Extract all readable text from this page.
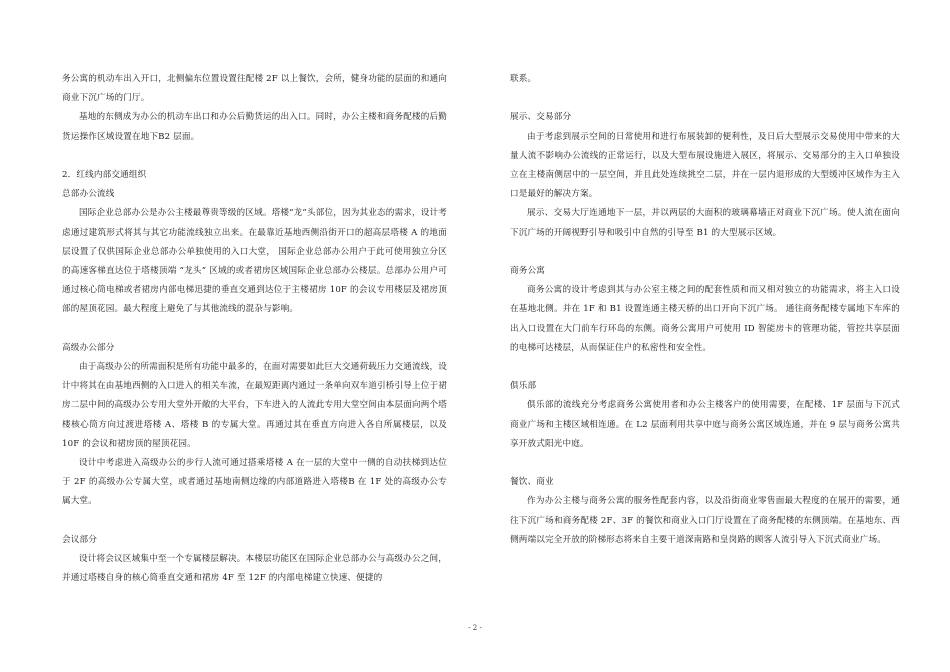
务公寓的机动车出入开口，北侧偏东位置设置往配楼 2F 以上餐饮，会所，健身功能的层面的和通向商业下沉广场的门厅。

基地的东侧成为办公的机动车出口和办公后勤货运的出入口。同时，办公主楼和商务配楼的后勤货运操作区域设置在地下B2 层面。

2．红线内部交通组织

总部办公流线

国际企业总部办公是办公主楼最尊贵等级的区域。塔楼“龙”头部位，因为其业态的需求，设计考虑通过建筑形式将其与其它功能流线独立出来。在最靠近基地西侧沿街开口的超高层塔楼 A 的地面层设置了仅供国际企业总部办公单独使用的入口大堂， 国际企业总部办公用户于此可使用独立分区的高速客梯直达位于塔楼顶端 “龙头” 区域的或者裙房区域国际企业总部办公楼层。总部办公用户可通过核心筒电梯或者裙房内部电梯迅捷的垂直交通到达位于主楼裙房 10F 的会议专用楼层及裙房顶部的屋顶花园。最大程度上避免了与其他流线的混杂与影响。

高级办公部分

由于高级办公的所需面积是所有功能中最多的，在面对需要如此巨大交通荷载压力交通流线，设计中将其在由基地西侧的入口进入的相关车流，在最短距离内通过一条单向双车道引桥引导上位于裙房二层中间的高级办公专用大堂外开敞的大平台，下车进入的人流此专用大堂空间由本层面向两个塔楼核心筒方向过渡进塔楼 A、塔楼 B 的专属大堂。再通过其在垂直方向进入各自所属楼层，以及 10F 的会议和裙房顶的屋顶花园。

设计中考虑进入高级办公的步行人流可通过搭乘塔楼 A 在一层的大堂中一侧的自动扶梯到达位于 2F 的高级办公专属大堂，或者通过基地南侧边缘的内部道路进入塔楼B 在 1F 处的高级办公专属大堂。

会议部分

设计将会议区域集中至一个专属楼层解决。本楼层功能区在国际企业总部办公与高级办公之间，并通过塔楼自身的核心筒垂直交通和裙房 4F 至 12F 的内部电梯建立快速、便捷的

联系。

展示、交易部分

由于考虑到展示空间的日常使用和进行布展装卸的便利性，及日后大型展示交易使用中带来的大量人流不影响办公流线的正常运行，以及大型布展设施进入展区，将展示、交易部分的主入口单独设立在主楼南侧居中的一层空间，并且此处连续挑空二层，并在一层内退形成的大型缓冲区域作为主入口是最好的解决方案。

展示、交易大厅连通地下一层，并以两层的大面积的玻璃幕墙正对商业下沉广场。使人流在面向下沉广场的开阔视野引导和吸引中自然的引导至 B1 的大型展示区域。

商务公寓

商务公寓的设计考虑到其与办公室主楼之间的配套性质和而又相对独立的功能需求，将主入口设在基地北侧。并在 1F 和 B1 设置连通主楼天桥的出口开向下沉广场。 通往商务配楼专属地下车库的出入口设置在大门前车行环岛的东侧。商务公寓用户可使用 ID 智能房卡的管理功能，管控共享层面的电梯可达楼层，从而保证住户的私密性和安全性。

俱乐部

俱乐部的流线充分考虑商务公寓使用者和办公主楼客户的使用需要，在配楼、1F 层面与下沉式商业广场和主楼区域相连通。在 L2 层面利用共享中庭与商务公寓区域连通，并在 9 层与商务公寓共享开放式阳光中庭。

餐饮、商业

作为办公主楼与商务公寓的服务性配套内容，以及沿街商业零售面最大程度的在展开的需要，通往下沉广场和商务配楼 2F、3F 的餐饮和商业入口门厅设置在了商务配楼的东侧顶端。在基地东、西侧两端以完全开放的阶梯形态将来自主要干道深南路和皇岗路的顾客人流引导入下沉式商业广场。

- 2 -
